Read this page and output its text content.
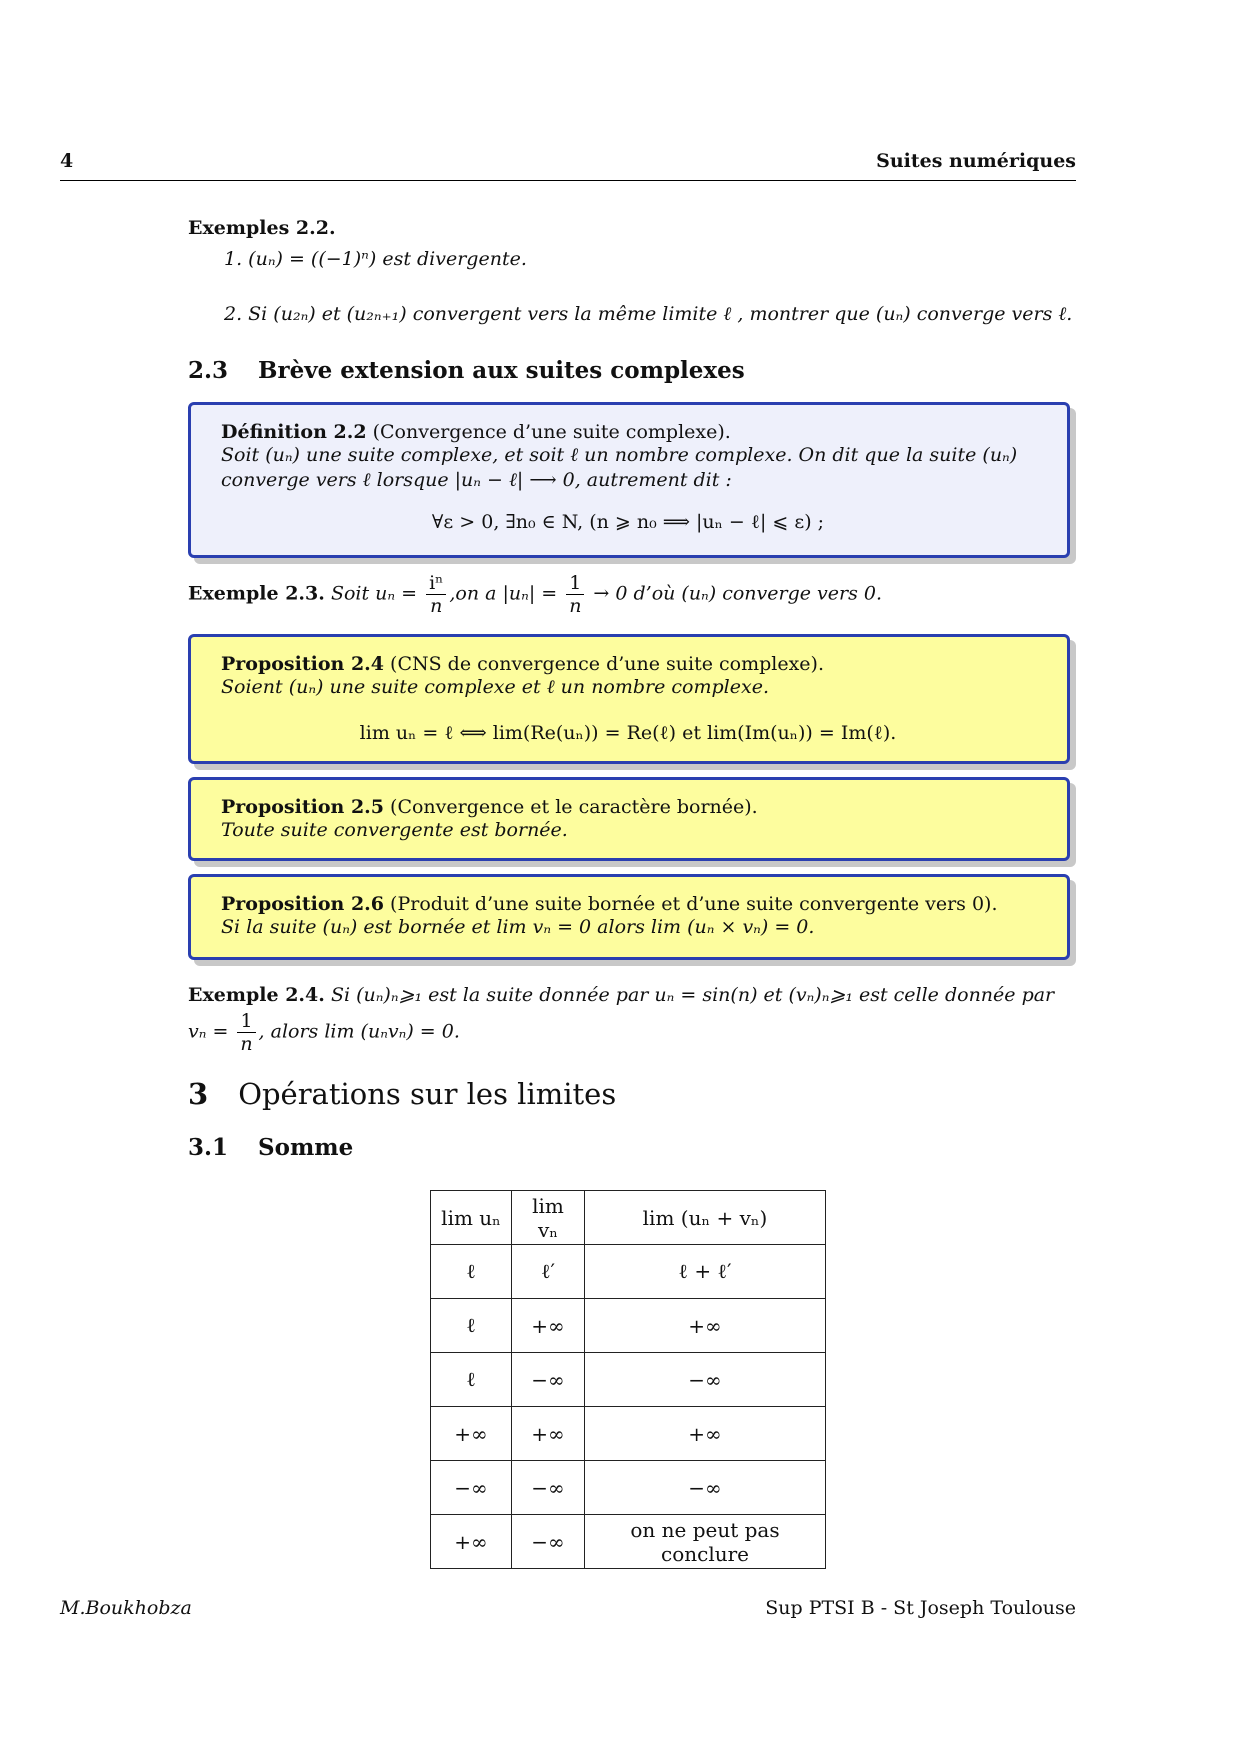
4	Suites numériques
Exemples 2.2.
1. (uₙ) = ((−1)ⁿ) est divergente.
2. Si (u₂ₙ) et (u₂ₙ₊₁) convergent vers la même limite ℓ , montrer que (uₙ) converge vers ℓ.
2.3 Brève extension aux suites complexes
Définition 2.2 (Convergence d’une suite complexe).
Soit (uₙ) une suite complexe, et soit ℓ un nombre complexe. On dit que la suite (uₙ)
converge vers ℓ lorsque |uₙ − ℓ| ⟶ 0, autrement dit :
∀ε > 0, ∃n₀ ∈ N, (n ⩾ n₀ ⟹ |uₙ − ℓ| ⩽ ε) ;
Exemple 2.3. Soit $u_n = \frac{\text{iⁿ}}{n} ,on$ a $|u_n| = \frac{1}{n} \to 0$ d’où (uₙ) converge vers 0.
Proposition 2.4 (CNS de convergence d’une suite complexe).
Soient (uₙ) une suite complexe et ℓ un nombre complexe.
lim uₙ = ℓ ⟺ lim(Re(uₙ)) = Re(ℓ) et lim(Im(uₙ)) = Im(ℓ).
Proposition 2.5 (Convergence et le caractère bornée).
Toute suite convergente est bornée.
Proposition 2.6 (Produit d’une suite bornée et d’une suite convergente vers 0).
Si la suite (uₙ) est bornée et lim vₙ = 0 alors lim (uₙ × vₙ) = 0.
Exemple 2.4. Si (uₙ)ₙ⩾₁ est la suite donnée par uₙ = sin(n) et (vₙ)ₙ⩾₁ est celle donnée par
$v_n = \frac{1}{n}$ , alors lim (uₙvₙ) = 0.
3 Opérations sur les limites
3.1 Somme
lim uₙ	lim vₙ	lim (uₙ + vₙ)
ℓ	ℓ′	ℓ + ℓ′
ℓ	+∞	+∞
ℓ	−∞	−∞
+∞	+∞	+∞
−∞	−∞	−∞
+∞	−∞	on ne peut pas conclure
M.Boukhobza	Sup PTSI B - St Joseph Toulouse
